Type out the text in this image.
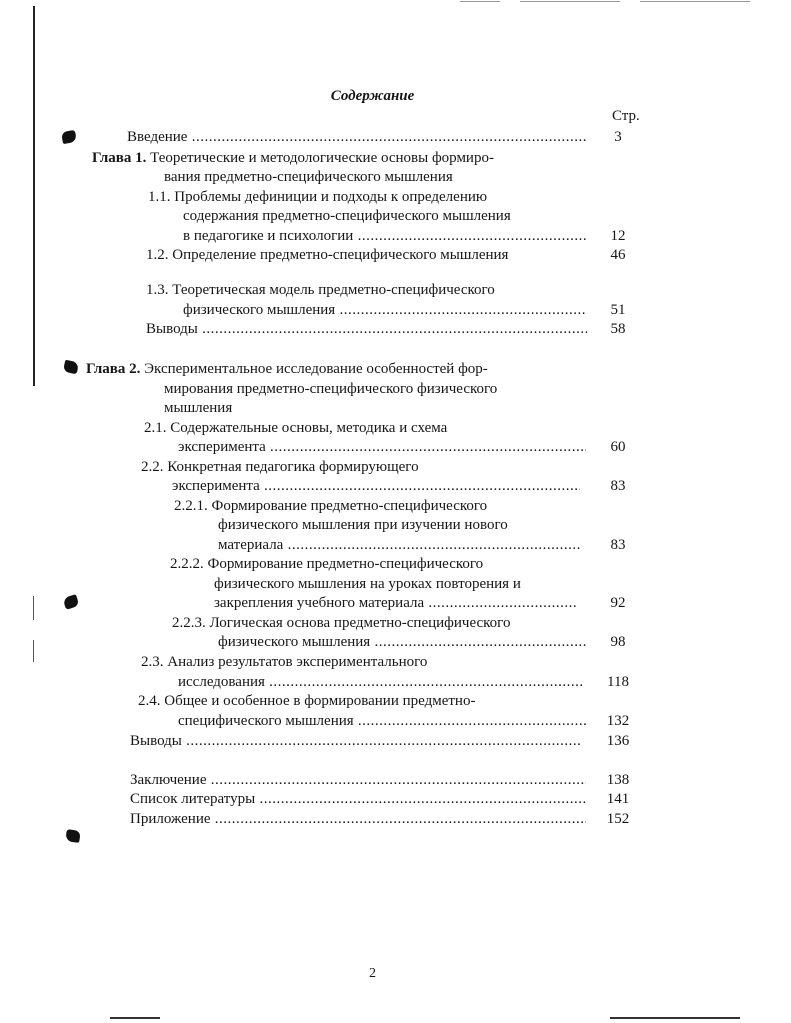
Содержание
Стр.
Введение .....	3
Глава 1. Теоретические и методологические основы формиро-
вания предметно-специфического мышления
1.1. Проблемы дефиниции и подходы к определению
содержания предметно-специфического мышления
в педагогике и психологии .....	12
1.2. Определение предметно-специфического мышления	46
1.3. Теоретическая модель предметно-специфического
физического мышления .....	51
Выводы .....	58
Глава 2. Экспериментальное исследование особенностей фор-
мирования предметно-специфического физического
мышления
2.1. Содержательные основы, методика и схема
эксперимента .....	60
2.2. Конкретная педагогика формирующего
эксперимента .....	83
2.2.1. Формирование предметно-специфического
физического мышления при изучении нового
материала .....	83
2.2.2. Формирование предметно-специфического
физического мышления на уроках повторения и
закрепления учебного материала .....	92
2.2.3. Логическая основа предметно-специфического
физического мышления .....	98
2.3. Анализ результатов экспериментального
исследования .....	118
2.4. Общее и особенное в формировании предметно-
специфического мышления .....	132
Выводы .....	136
Заключение .....	138
Список литературы .....	141
Приложение .....	152
2
